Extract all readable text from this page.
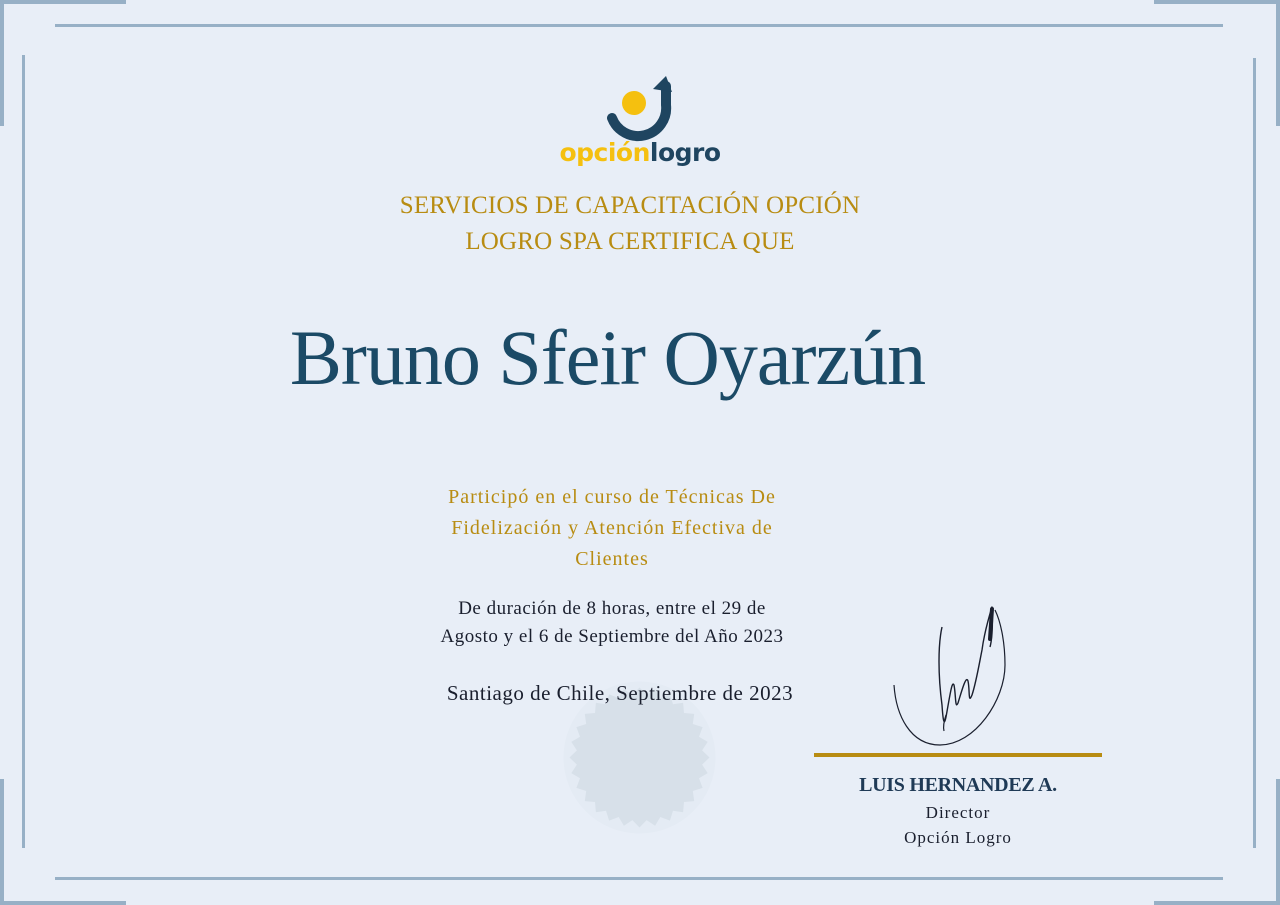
opciónlogro
SERVICIOS DE CAPACITACIÓN OPCIÓN
LOGRO SPA CERTIFICA QUE
Bruno Sfeir Oyarzún
Participó en el curso de Técnicas De
Fidelización y Atención Efectiva de
Clientes
De duración de 8 horas, entre el 29 de
Agosto y el 6 de Septiembre del Año 2023
Santiago de Chile, Septiembre de 2023
LUIS HERNANDEZ A.
Director
Opción Logro
